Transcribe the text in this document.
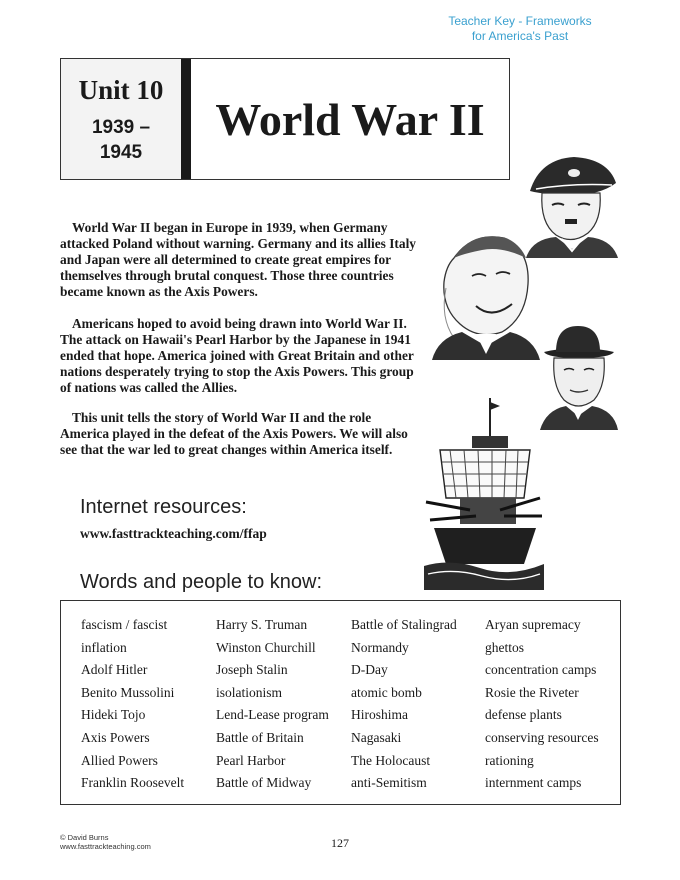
Teacher Key - Frameworks
for America's Past
Unit 10
1939 –
1945
World War II

World War II began in Europe in 1939, when Germany attacked Poland without warning. Germany and its allies Italy and Japan were all determined to create great empires for themselves through brutal conquest. Those three countries became known as the Axis Powers.

Americans hoped to avoid being drawn into World War II. The attack on Hawaii's Pearl Harbor by the Japanese in 1941 ended that hope. America joined with Great Britain and other nations desperately trying to stop the Axis Powers. This group of nations was called the Allies.

This unit tells the story of World War II and the role America played in the defeat of the Axis Powers. We will also see that the war led to great changes within America itself.

Internet resources:
www.fasttrackteaching.com/ffap
Words and people to know:
fascism / fascist
inflation
Adolf Hitler
Benito Mussolini
Hideki Tojo
Axis Powers
Allied Powers
Franklin Roosevelt
Harry S. Truman
Winston Churchill
Joseph Stalin
isolationism
Lend-Lease program
Battle of Britain
Pearl Harbor
Battle of Midway
Battle of Stalingrad
Normandy
D-Day
atomic bomb
Hiroshima
Nagasaki
The Holocaust
anti-Semitism
Aryan supremacy
ghettos
concentration camps
Rosie the Riveter
defense plants
conserving resources
rationing
internment camps
© David Burns
www.fasttrackteaching.com	127
